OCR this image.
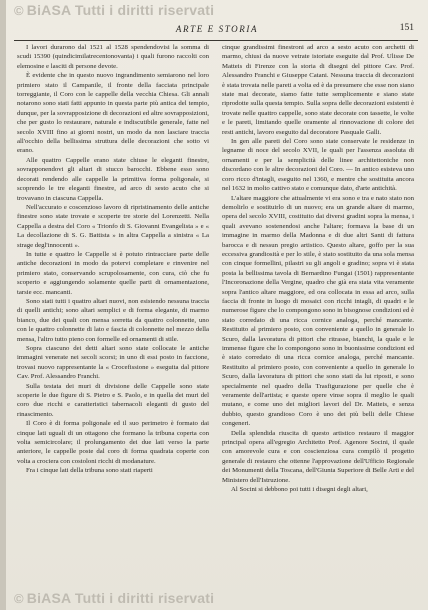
© BiASA Tutti i diritti riservati
ARTE E STORIA	151

I lavori durarono dal 1521 al 1528 spendendovisi la somma di scudi 15390 (quindicimilatrecentonovanta) i quali furono raccolti con elemosine e lasciti di persone devote.

È evidente che in questo nuovo ingrandimento semiarono nel loro primiero stato il Campanile, il fronte della facciata principale torreggiante, il Coro con le cappelle della vecchia Chiesa. Gli annali notarono sono stati fatti appunto in questa parte più antica del tempio, dunque, per la sovrapposizione di decorazioni ed altre sovrapposizioni, che per gusto lo restaurare, naturale e indiscutibile generale, fatte nel secolo XVIII fino ai giorni nostri, un modo da non lasciare traccia all'occhio della bellissima struttura delle decorazioni che sotto vi erano.

Alle quattro Cappelle erano state chiuse le eleganti finestre, sovrapponendovi gli altari di stucco barocchi. Ebbene esso sono decorati rendendo alle cappelle la primitiva forma poligonale, si scoprendo le tre eleganti finestre, ad arco di sesto acuto che si trovavano in ciascuna Cappella.

Nell'accurato e coscenzioso lavoro di ripristinamento delle antiche finestre sono state trovate e scoperte tre storie del Lorenzetti. Nella Cappella a destra del Coro « Trionfo di S. Giovanni Evangelista » e « La decollazione di S. G. Battista » in altra Cappella a sinistra « La strage degl'innocenti ».

In tutte e quattro le Cappelle si è potuto rintracciare parte delle antiche decorazioni in modo da potervi completare e rinvenire nel primiero stato, conservando scrupolosamente, con cura, ciò che fu scoperto e aggiungendo solamente quelle parti di ornamentazione, tarsie ecc. mancanti.

Sono stati tutti i quattro altari nuovi, non esistendo nessuna traccia di quelli antichi; sono altari semplici e di forma elegante, di marmo bianco, due dei quali con mensa sorretta da quattro colonnette, uno con le quattro colonnette di lato e fascia di colonnette nel mezzo della mensa, l'altro tutto pieno con formelle ed ornamenti di stile.

Sopra ciascuno dei detti altari sono state collocate le antiche immagini venerate nei secoli scorsi; in uno di essi posto in faccione, trovasi nuovo rappresentante la « Crocefissione » eseguita dal pittore Cav. Prof. Alessandro Franchi.

Sulla testata dei muri di divisione delle Cappelle sono state scoperte le due figure di S. Pietro e S. Paolo, e in quella dei muri del coro due ricchi e caratteristici tabernacoli eleganti di gusto del rinascimento.

Il Coro è di forma poligonale ed il suo perimetro è formato dai cinque lati uguali di un ottagono che formano la tribuna coperta con volta semicircolare; il prolungamento dei due lati verso la parte anteriore, le cappelle poste dal coro di forma quadrata coperte con volta a crociera con costoloni ricchi di modanature.

Fra i cinque lati della tribuna sono stati riaperti

cinque grandissimi finestroni ad arco a sesto acuto con archetti di marmo, chiusi da nuove vetrate istoriate eseguite dal Prof. Ulisse De Matteis di Firenze con la storia di disegni del pittore Cav. Prof. Alessandro Franchi e Giuseppe Catani. Nessuna traccia di decorazioni è stata trovata nelle pareti a volta ed è da presumere che esse non siano state mai decorate, siamo fatte tutte semplicemente e siano state riprodotte sulla questa tempio. Sulla sopra delle decorazioni esistenti è trovate nelle quattro cappelle, sono state decorate con tassette, le volte e le pareti, limitando quelle oramente al rinnovazione di colore dei resti antichi, lavoro eseguito dal decoratore Pasquale Galli.

In gen alle pareti del Coro sono state conservate le residenze in legname di noce del secolo XVII, le quali per l'assenza assoluta di ornamenti e per la semplicità delle linee architettoniche non discordano con le altre decorazioni del Coro. — In antico esisteva uno coro ricco d'intagli, eseguito nel 1360, e mentre che sostituita ancora nel 1632 in molto cattivo stato e comunque dato, d'arte antichità.

L'altare maggiore che attualmente vi era sono e tra e nato stato non demolirlo e sostituirlo di un nuovo; era un grande altare di marmo, opera del secolo XVIII, costituito dai diversi gradini sopra la mensa, i quali avevano sostenendosi anche l'altare; formava la base di un immagine in marmo della Madonna e di due altri Santi di fattura barocca e di nessun pregio artistico. Questo altare, goffo per la sua eccessiva grandiosità e per lo stile, è stato sostituito da una sola mensa con cinque formellini, pilastri su gli angoli e gradino; sopra vi è stata posta la bellissima tavola di Bernardino Fungai (1501) rappresentante l'Incoronazione della Vergine, quadro che già era stata vita veramente sopra l'antico altare maggiore, ed ora collocata in essa ad arco, sulla faccia di fronte in luogo di mosaici con ricchi intagli, di quadri e le numerose figure che lo compongono sono in bisognose condizioni ed è stato corredato di una ricca cornice analoga, perché mancante. Restituito al primiero posto, con conveniente a quello in generale lo Scuro, dalla lavoratura di pittori che ritrasse, bianchi, la quale e le immense figure che lo compongono sono in buonissime condizioni ed è stato corredato di una ricca cornice analoga, perché mancante. Restituito al primiero posto, con conveniente a quello in generale lo Scuro, dalla lavoratura di pittori che sono stati da lui riposti, e sono specialmente nel quadro della Trasfigurazione per quelle che è veramente dell'artista; e queste opere vinse sopra il meglio le quali mutano, e come uno dei migliori lavori del Dr. Matteis, e senza dubbio, questo grandioso Coro è uno dei più belli delle Chiese congeneri.

Della splendida riuscita di questo artistico restauro il maggior principal opera all'egregio Architetto Prof. Agenore Socini, il quale con amorevole cura e con coscienziosa cura compilò il progetto generale di restauro che ottenne l'approvazione dell'Ufficio Regionale dei Monumenti della Toscana, dell'Giunta Superiore di Belle Arti e del Ministero dell'Istruzione.

Al Socini si debbono poi tutti i disegni degli altari,

© BiASA Tutti i diritti riservati
